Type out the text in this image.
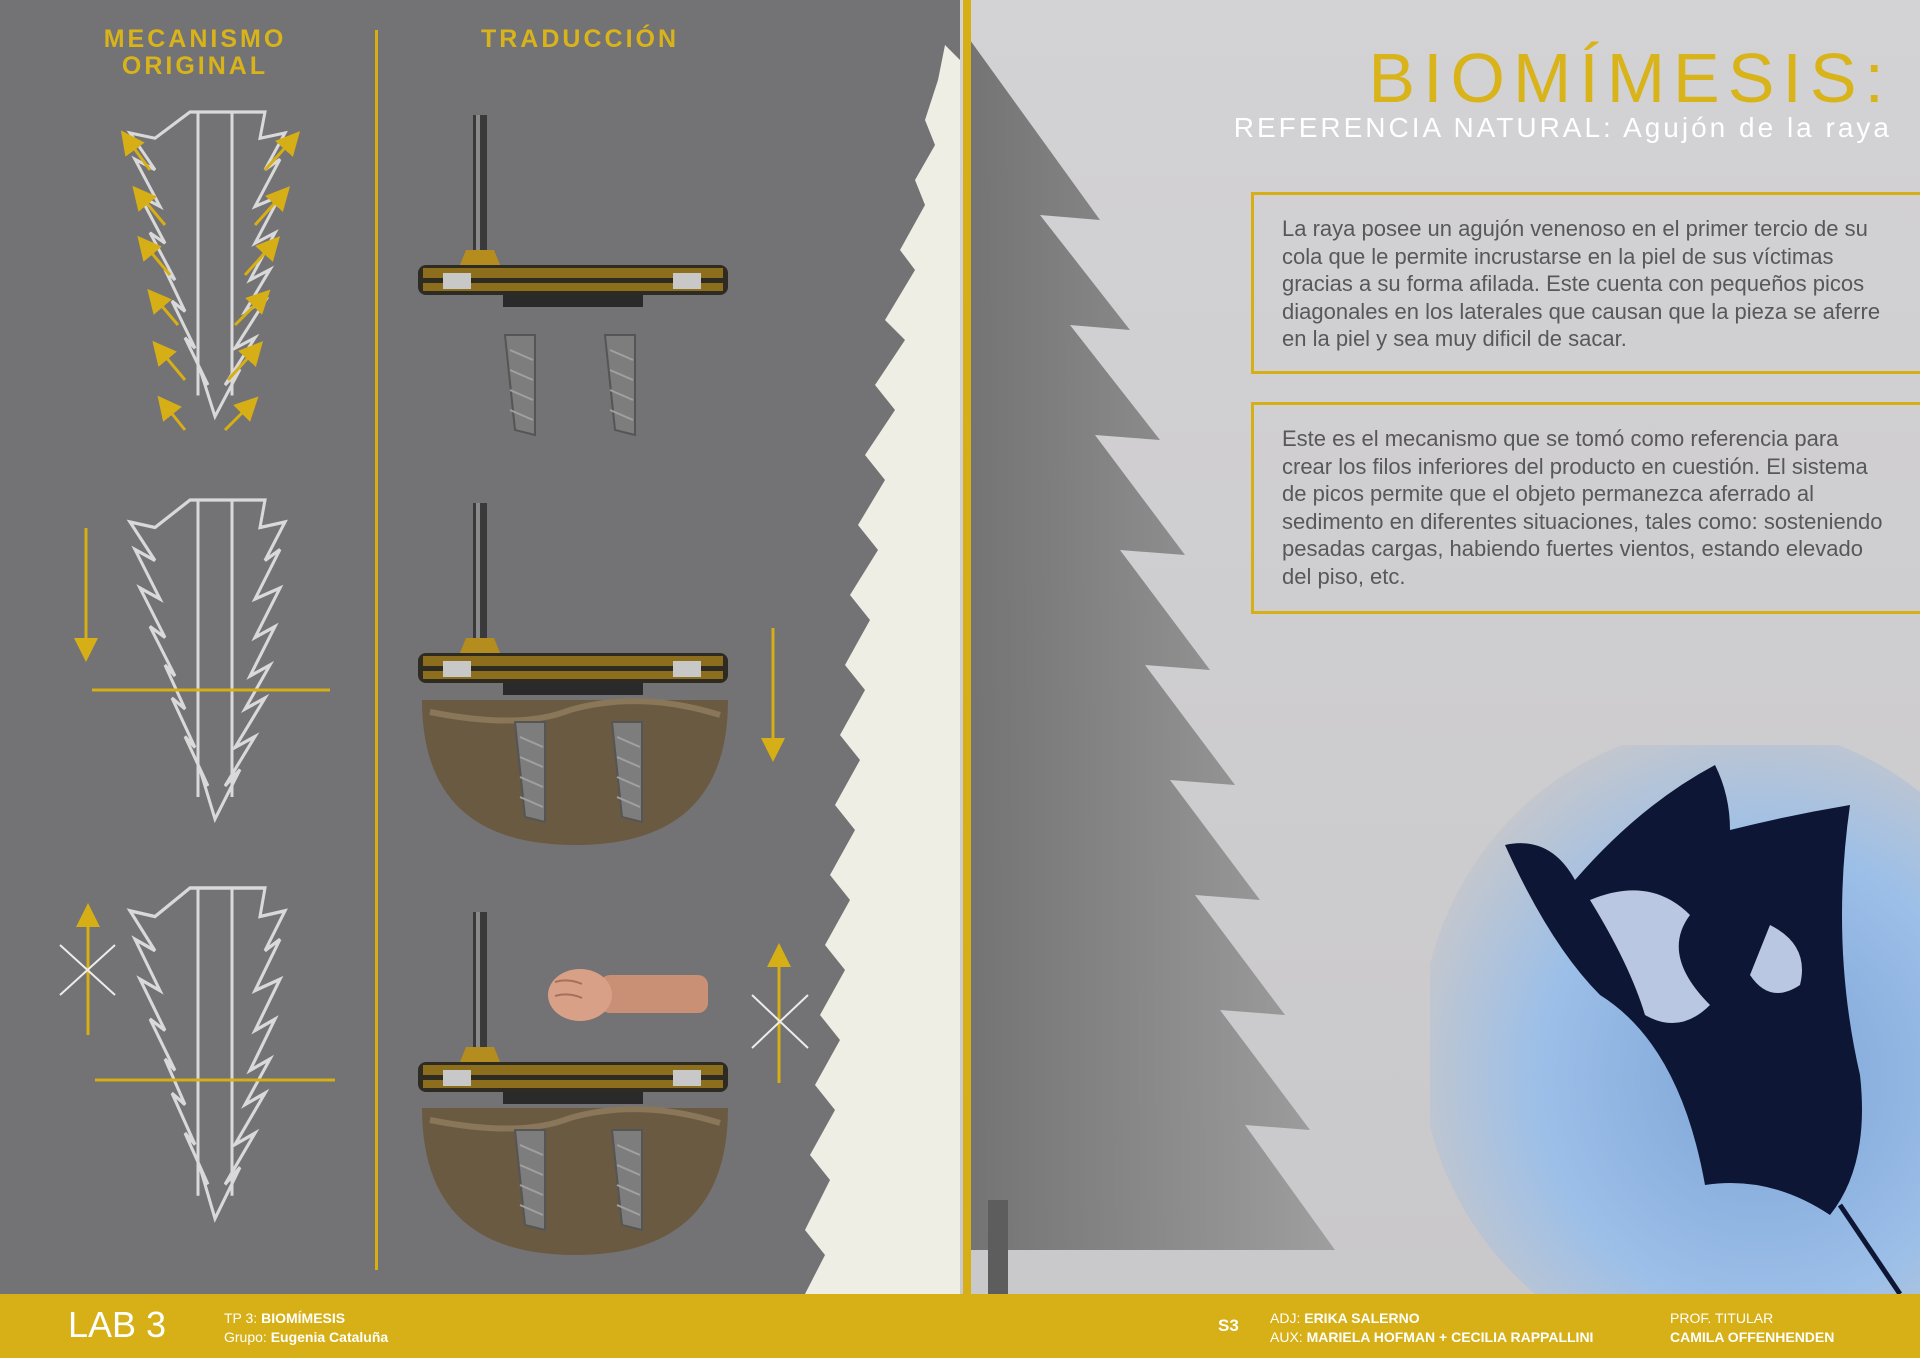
MECANISMO ORIGINAL
TRADUCCIÓN	BIOMÍMESIS:
REFERENCIA NATURAL: Agujón de la raya
La raya posee un agujón venenoso en el primer tercio de su cola que le permite incrustarse en la piel de sus víctimas gracias a su forma afilada. Este cuenta con pequeños picos diagonales en los laterales que causan que la pieza se aferre en la piel y sea muy dificil de sacar.
Este es el mecanismo que se tomó como referencia para crear los filos inferiores del producto en cuestión. El sistema de picos permite que el objeto permanezca aferrado al sedimento en diferentes situaciones, tales como: sosteniendo pesadas cargas, habiendo fuertes vientos, estando elevado del piso, etc.
LAB 3	TP 3: BIOMÍMESIS
Grupo: Eugenia Cataluña
S3 ADJ: ERIKA SALERNO
AUX: MARIELA HOFMAN + CECILIA RAPPALLINI
PROF. TITULAR
CAMILA OFFENHENDEN
